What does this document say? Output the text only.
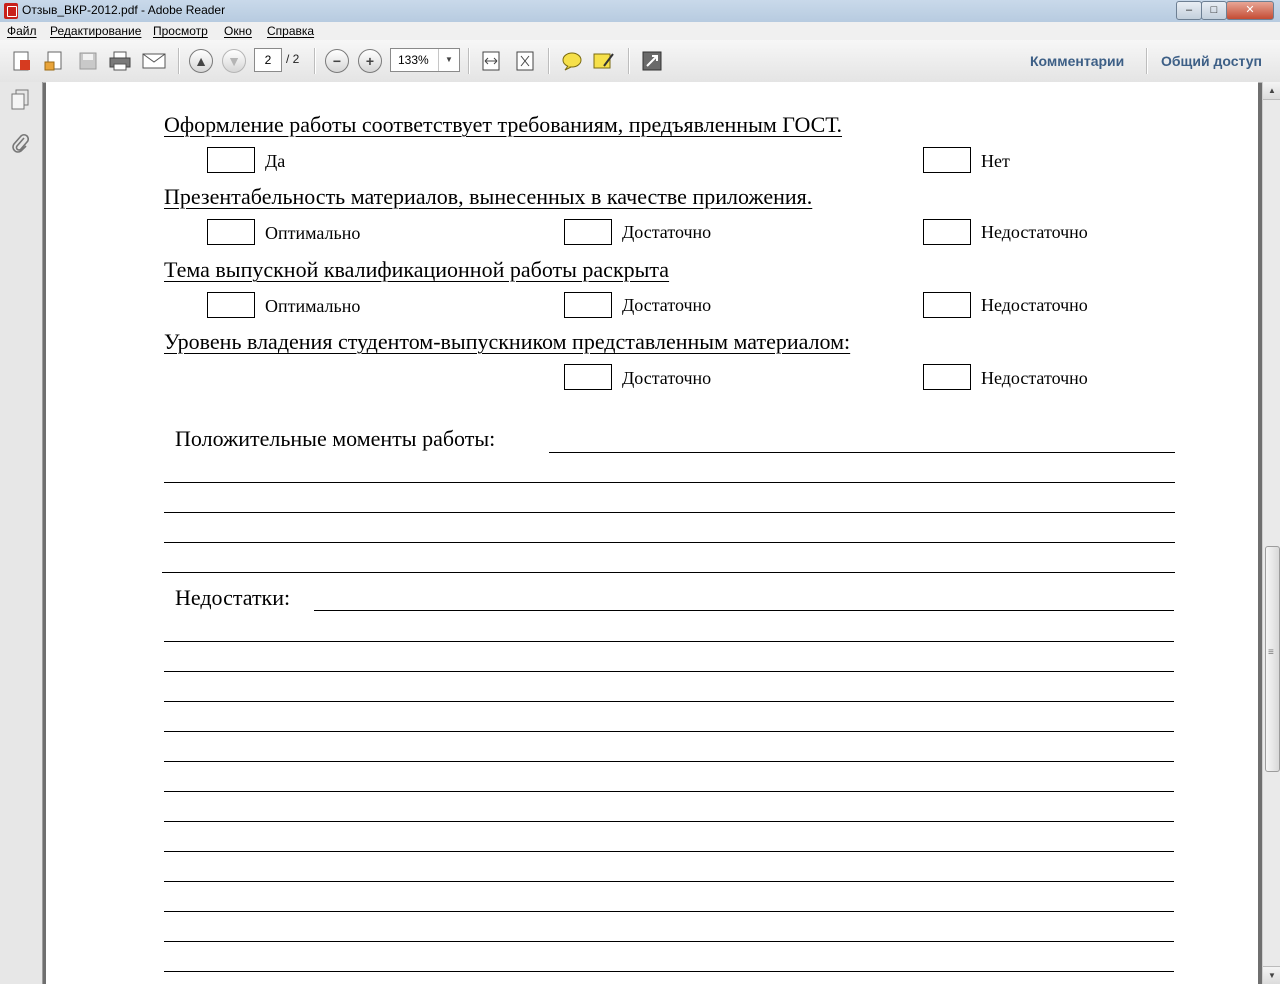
Отзыв_ВКР-2012.pdf - Adobe Reader	–	□	✕
Файл Редактирование Просмотр Окно Справка
▲	▼	−	+
2	/ 2	133%	▼	Комментарии	Общий доступ
Оформление работы соответствует требованиям, предъявленным ГОСТ.
Да	Нет
Презентабельность материалов, вынесенных в качестве приложения.
Оптимально	Достаточно	Недостаточно
Тема выпускной квалификационной работы раскрыта
Оптимально	Достаточно	Недостаточно
Уровень владения студентом-выпускником представленным материалом:
Достаточно	Недостаточно
Положительные моменты работы:
Недостатки:
▲
≡
▼
